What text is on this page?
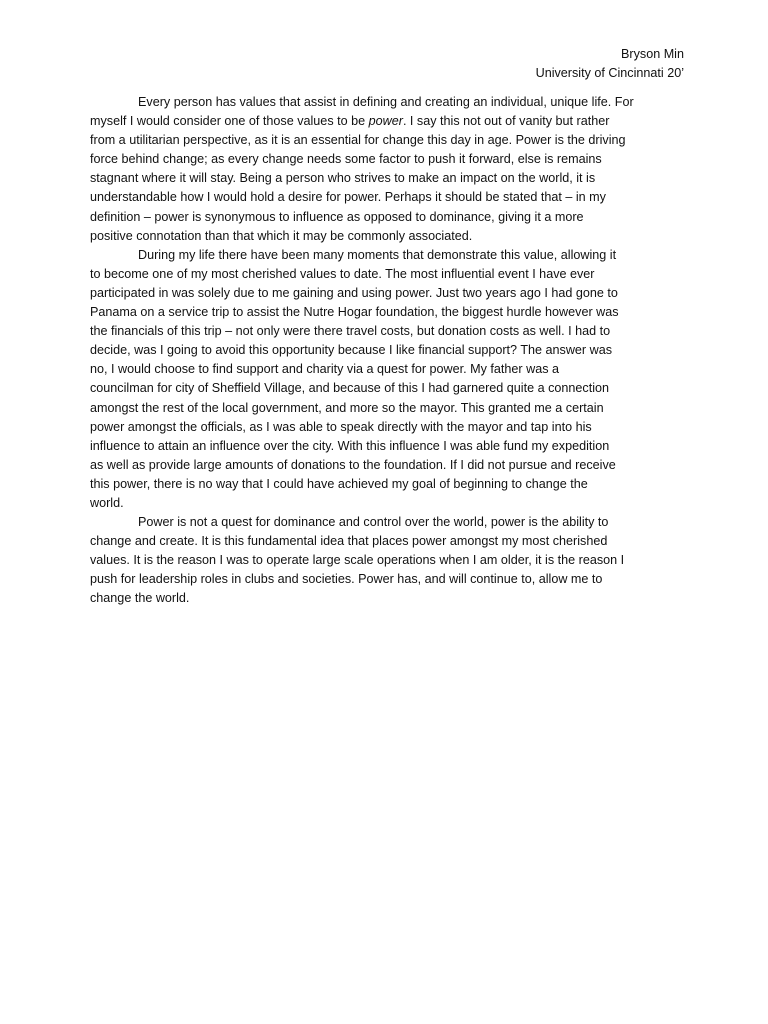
Bryson Min
University of Cincinnati 20’

Every person has values that assist in defining and creating an individual, unique life. For
myself I would consider one of those values to be power. I say this not out of vanity but rather
from a utilitarian perspective, as it is an essential for change this day in age. Power is the driving
force behind change; as every change needs some factor to push it forward, else is remains
stagnant where it will stay. Being a person who strives to make an impact on the world, it is
understandable how I would hold a desire for power. Perhaps it should be stated that – in my
definition – power is synonymous to influence as opposed to dominance, giving it a more
positive connotation than that which it may be commonly associated.

During my life there have been many moments that demonstrate this value, allowing it
to become one of my most cherished values to date. The most influential event I have ever
participated in was solely due to me gaining and using power. Just two years ago I had gone to
Panama on a service trip to assist the Nutre Hogar foundation, the biggest hurdle however was
the financials of this trip – not only were there travel costs, but donation costs as well. I had to
decide, was I going to avoid this opportunity because I like financial support? The answer was
no, I would choose to find support and charity via a quest for power. My father was a
councilman for city of Sheffield Village, and because of this I had garnered quite a connection
amongst the rest of the local government, and more so the mayor. This granted me a certain
power amongst the officials, as I was able to speak directly with the mayor and tap into his
influence to attain an influence over the city. With this influence I was able fund my expedition
as well as provide large amounts of donations to the foundation. If I did not pursue and receive
this power, there is no way that I could have achieved my goal of beginning to change the
world.

Power is not a quest for dominance and control over the world, power is the ability to
change and create. It is this fundamental idea that places power amongst my most cherished
values. It is the reason I was to operate large scale operations when I am older, it is the reason I
push for leadership roles in clubs and societies. Power has, and will continue to, allow me to
change the world.
